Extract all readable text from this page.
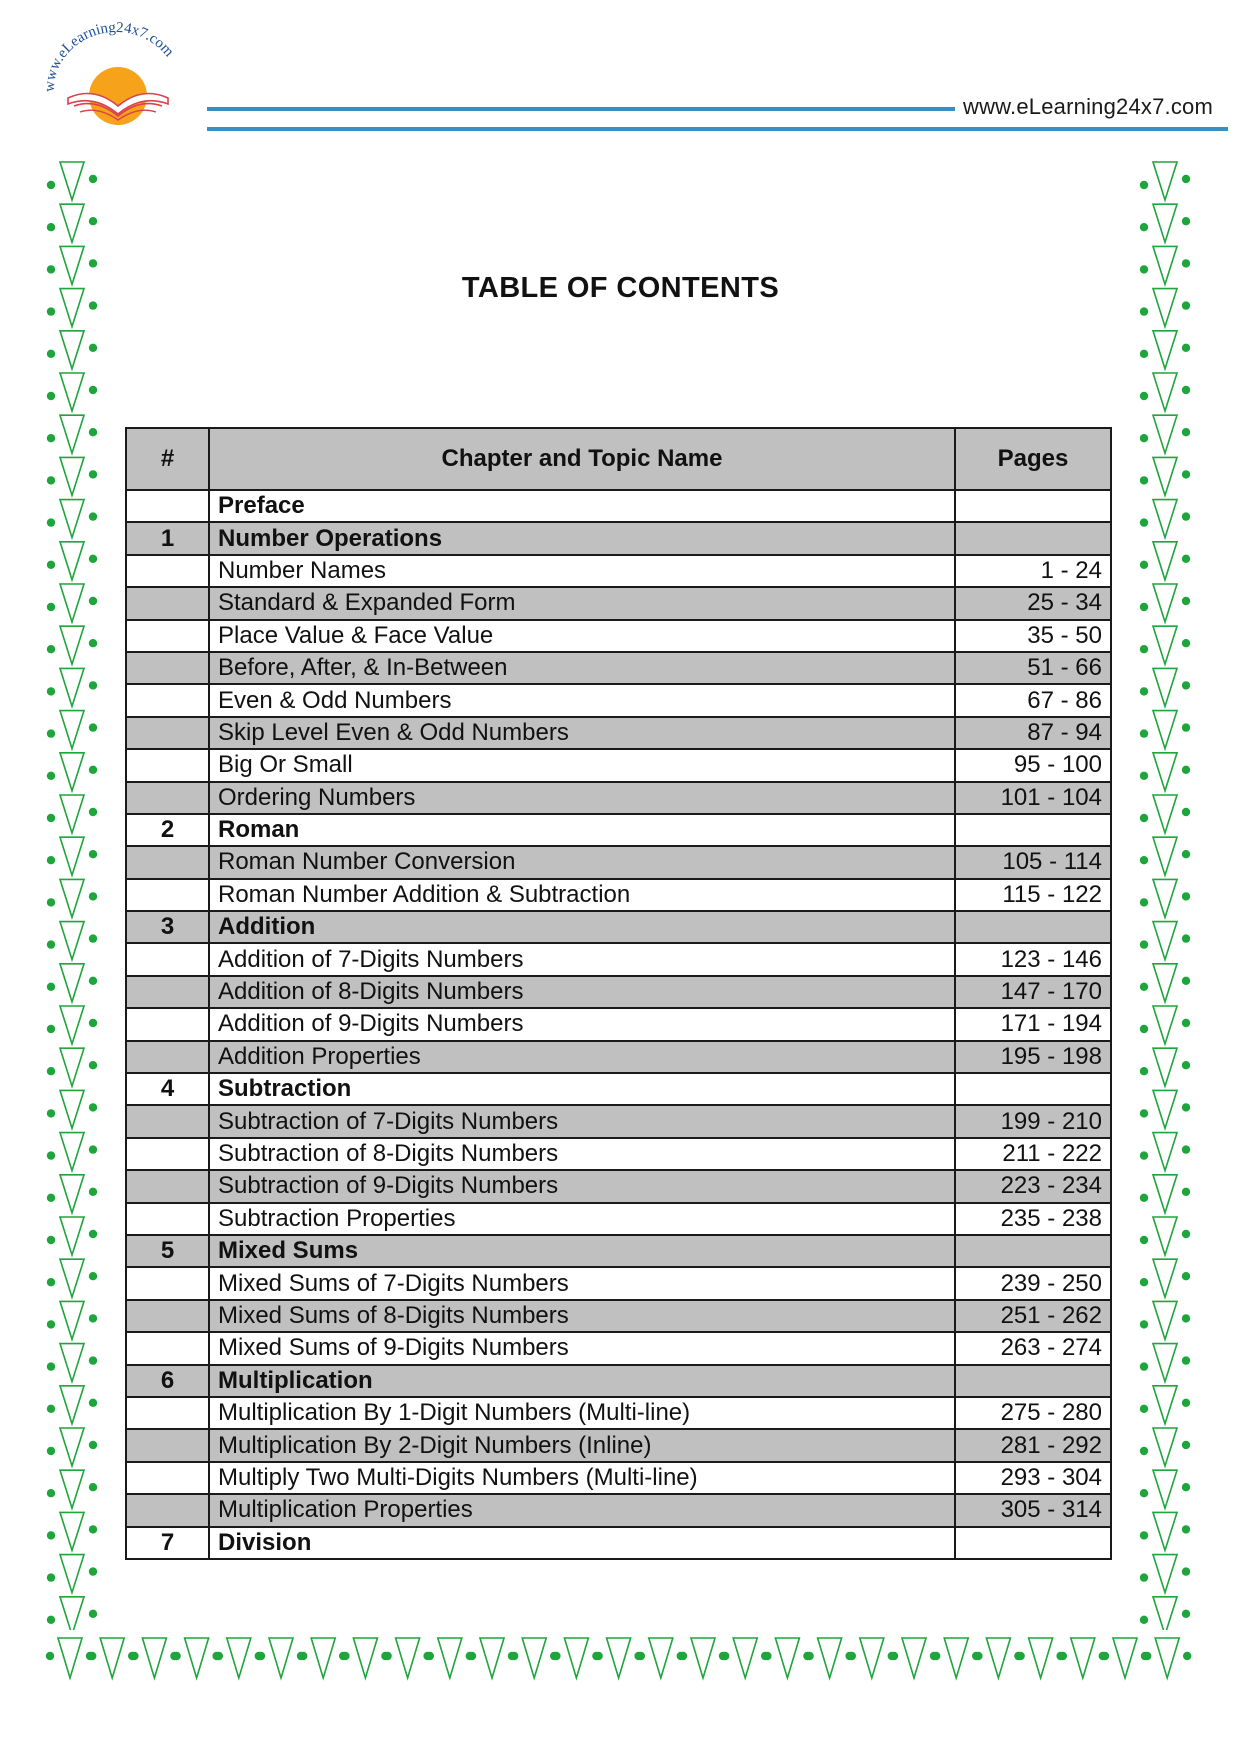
www.eLearning24x7.com
www.eLearning24x7.com
TABLE OF CONTENTS
#	Chapter and Topic Name	Pages
	Preface	
1	Number Operations	
	Number Names	1 - 24
	Standard & Expanded Form	25 - 34
	Place Value & Face Value	35 - 50
	Before, After, & In-Between	51 - 66
	Even & Odd Numbers	67 - 86
	Skip Level Even & Odd Numbers	87 - 94
	Big Or Small	95 - 100
	Ordering Numbers	101 - 104
2	Roman	
	Roman Number Conversion	105 - 114
	Roman Number Addition & Subtraction	115 - 122
3	Addition	
	Addition of 7-Digits Numbers	123 - 146
	Addition of 8-Digits Numbers	147 - 170
	Addition of 9-Digits Numbers	171 - 194
	Addition Properties	195 - 198
4	Subtraction	
	Subtraction of 7-Digits Numbers	199 - 210
	Subtraction of 8-Digits Numbers	211 - 222
	Subtraction of 9-Digits Numbers	223 - 234
	Subtraction Properties	235 - 238
5	Mixed Sums	
	Mixed Sums of 7-Digits Numbers	239 - 250
	Mixed Sums of 8-Digits Numbers	251 - 262
	Mixed Sums of 9-Digits Numbers	263 - 274
6	Multiplication	
	Multiplication By 1-Digit Numbers (Multi-line)	275 - 280
	Multiplication By 2-Digit Numbers (Inline)	281 - 292
	Multiply Two Multi-Digits Numbers (Multi-line)	293 - 304
	Multiplication Properties	305 - 314
7	Division	
